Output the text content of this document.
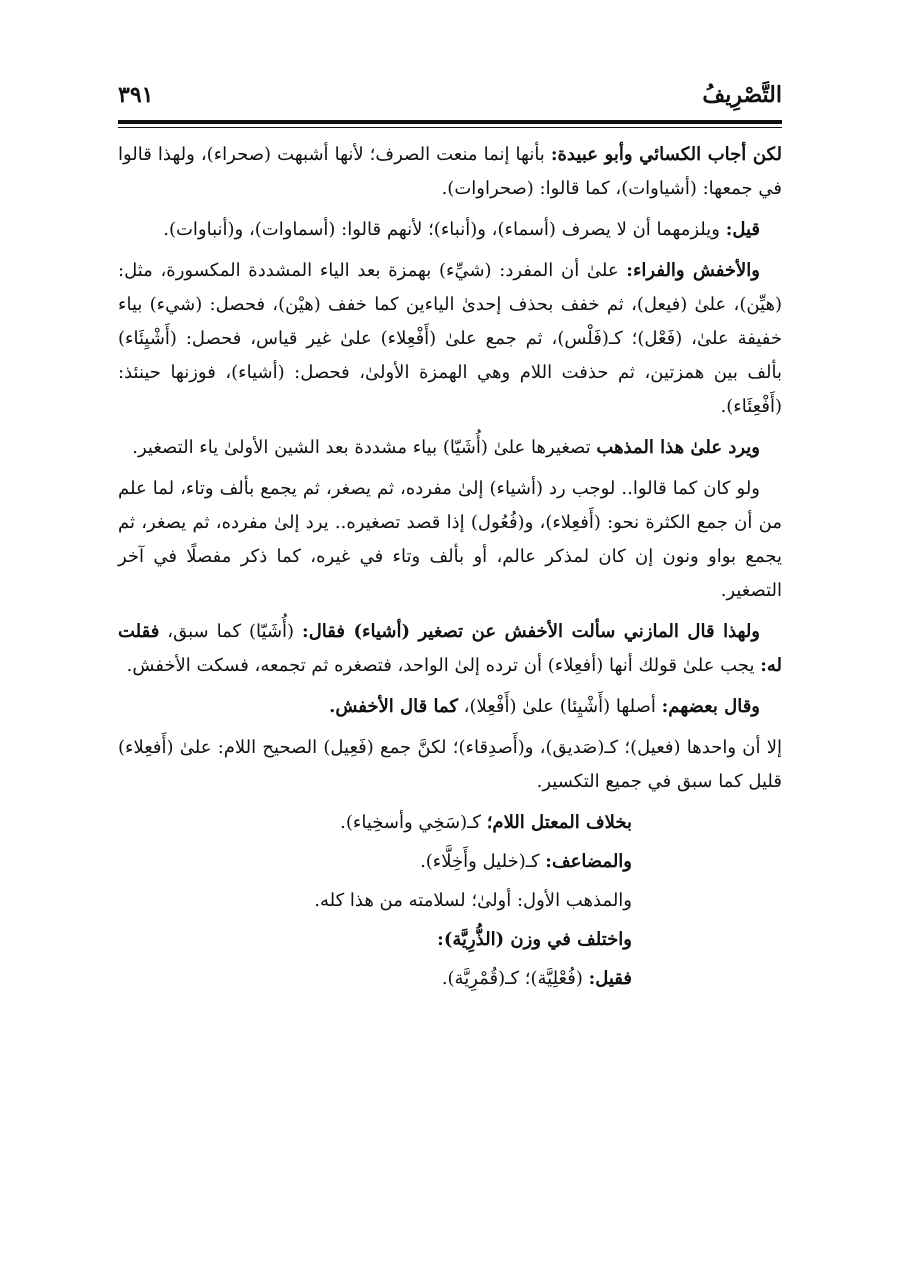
التَّصْرِيفُ
٣٩١

لكن أجاب الكسائي وأبو عبيدة: بأنها إنما منعت الصرف؛ لأنها أشبهت (صحراء)، ولهذا قالوا في جمعها: (أشياوات)، كما قالوا: (صحراوات).

قيل: ويلزمهما أن لا يصرف (أسماء)، و(أنباء)؛ لأنهم قالوا: (أسماوات)، و(أنباوات).

والأخفش والفراء: علىٰ أن المفرد: (شيِّء) بهمزة بعد الياء المشددة المكسورة، مثل: (هيِّن)، علىٰ (فيعل)، ثم خفف بحذف إحدىٰ الياءين كما خفف (هيْن)، فحصل: (شيء) بياء خفيفة علىٰ، (فَعْل)؛ كـ(فَلْس)، ثم جمع علىٰ (أَفْعِلاء) علىٰ غير قياس، فحصل: (أَشْيِئَاء) بألف بين همزتين، ثم حذفت اللام وهي الهمزة الأولىٰ، فحصل: (أشياء)، فوزنها حينئذ: (أَفْعِئَاء).

ويرد علىٰ هذا المذهب تصغيرها علىٰ (أُشَيّا) بياء مشددة بعد الشين الأولىٰ ياء التصغير.

ولو كان كما قالوا.. لوجب رد (أشياء) إلىٰ مفرده، ثم يصغر، ثم يجمع بألف وتاء، لما علم من أن جمع الكثرة نحو: (أَفعِلاء)، و(فُعُول) إذا قصد تصغيره.. يرد إلىٰ مفرده، ثم يصغر، ثم يجمع بواو ونون إن كان لمذكر عالم، أو بألف وتاء في غيره، كما ذكر مفصلًا في آخر التصغير.

ولهذا قال المازني سألت الأخفش عن تصغير (أشياء) فقال: (أُشَيّا) كما سبق، فقلت له: يجب علىٰ قولك أنها (أفعِلاء) أن ترده إلىٰ الواحد، فتصغره ثم تجمعه، فسكت الأخفش.

وقال بعضهم: أصلها (أَشْيِئا) علىٰ (أَفْعِلا)، كما قال الأخفش.

إلا أن واحدها (فعيل)؛ كـ(صَديق)، و(أَصدِقاء)؛ لكنَّ جمع (فَعِيل) الصحيح اللام: علىٰ (أَفعِلاء) قليل كما سبق في جميع التكسير.

بخلاف المعتل اللام؛ كـ(سَخِي وأسخِياء).

والمضاعف: كـ(خليل وأَخِلَّاء).

والمذهب الأول: أولىٰ؛ لسلامته من هذا كله.

واختلف في وزن (الذُّرِيَّة):

فقيل: (فُعْلِيَّة)؛ كـ(قُمْرِيَّة).
